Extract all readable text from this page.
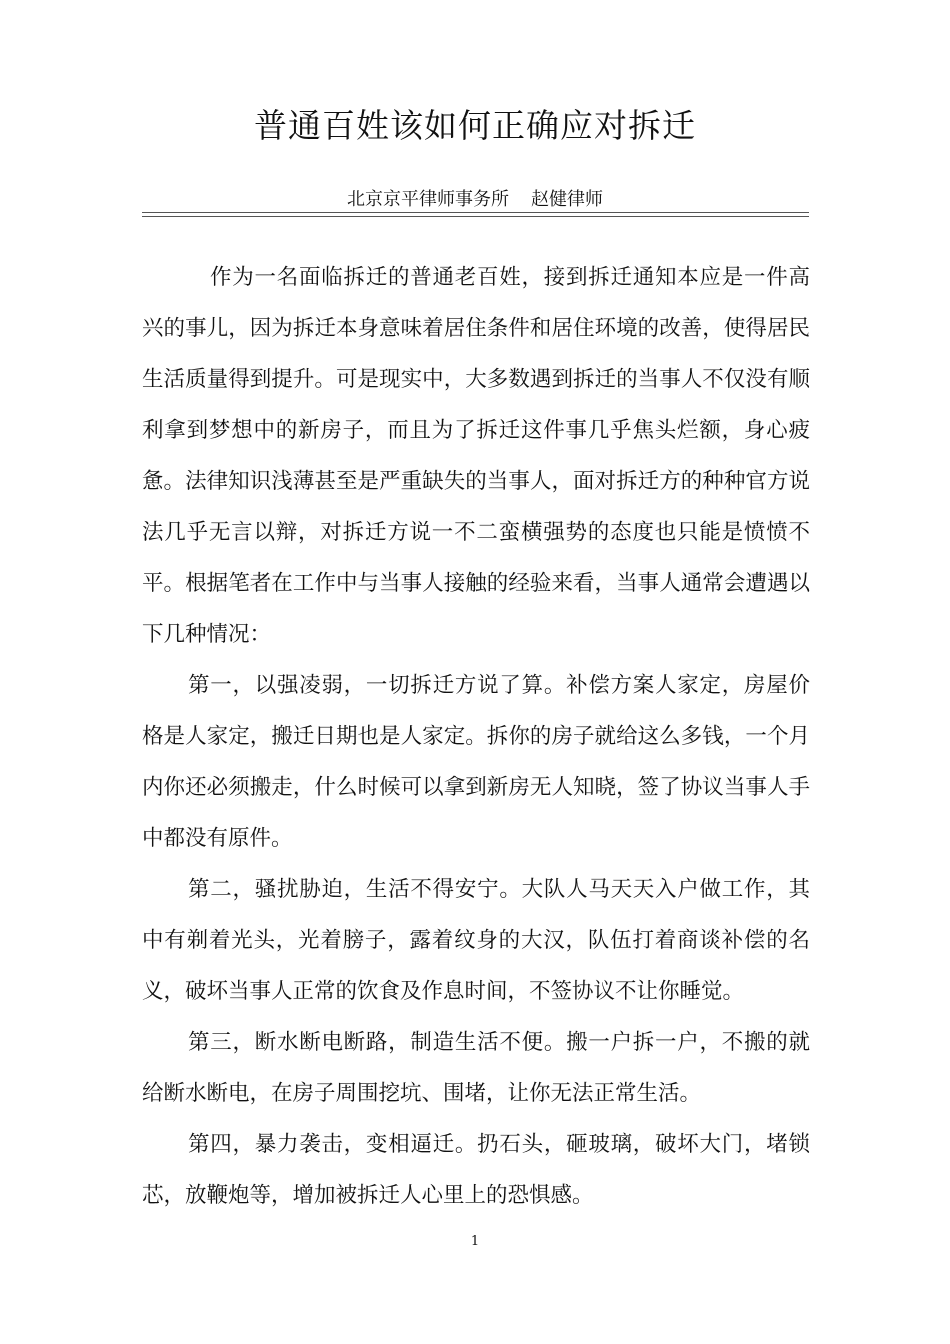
普通百姓该如何正确应对拆迁
北京京平律师事务所 赵健律师

作为一名面临拆迁的普通老百姓，接到拆迁通知本应是一件高兴的事儿，因为拆迁本身意味着居住条件和居住环境的改善，使得居民生活质量得到提升。可是现实中，大多数遇到拆迁的当事人不仅没有顺利拿到梦想中的新房子，而且为了拆迁这件事几乎焦头烂额，身心疲惫。法律知识浅薄甚至是严重缺失的当事人，面对拆迁方的种种官方说法几乎无言以辩，对拆迁方说一不二蛮横强势的态度也只能是愤愤不平。根据笔者在工作中与当事人接触的经验来看，当事人通常会遭遇以下几种情况：

第一，以强凌弱，一切拆迁方说了算。补偿方案人家定，房屋价格是人家定，搬迁日期也是人家定。拆你的房子就给这么多钱，一个月内你还必须搬走，什么时候可以拿到新房无人知晓，签了协议当事人手中都没有原件。

第二，骚扰胁迫，生活不得安宁。大队人马天天入户做工作，其中有剃着光头，光着膀子，露着纹身的大汉，队伍打着商谈补偿的名义，破坏当事人正常的饮食及作息时间，不签协议不让你睡觉。

第三，断水断电断路，制造生活不便。搬一户拆一户，不搬的就给断水断电，在房子周围挖坑、围堵，让你无法正常生活。

第四，暴力袭击，变相逼迁。扔石头，砸玻璃，破坏大门，堵锁芯，放鞭炮等，增加被拆迁人心里上的恐惧感。

1
